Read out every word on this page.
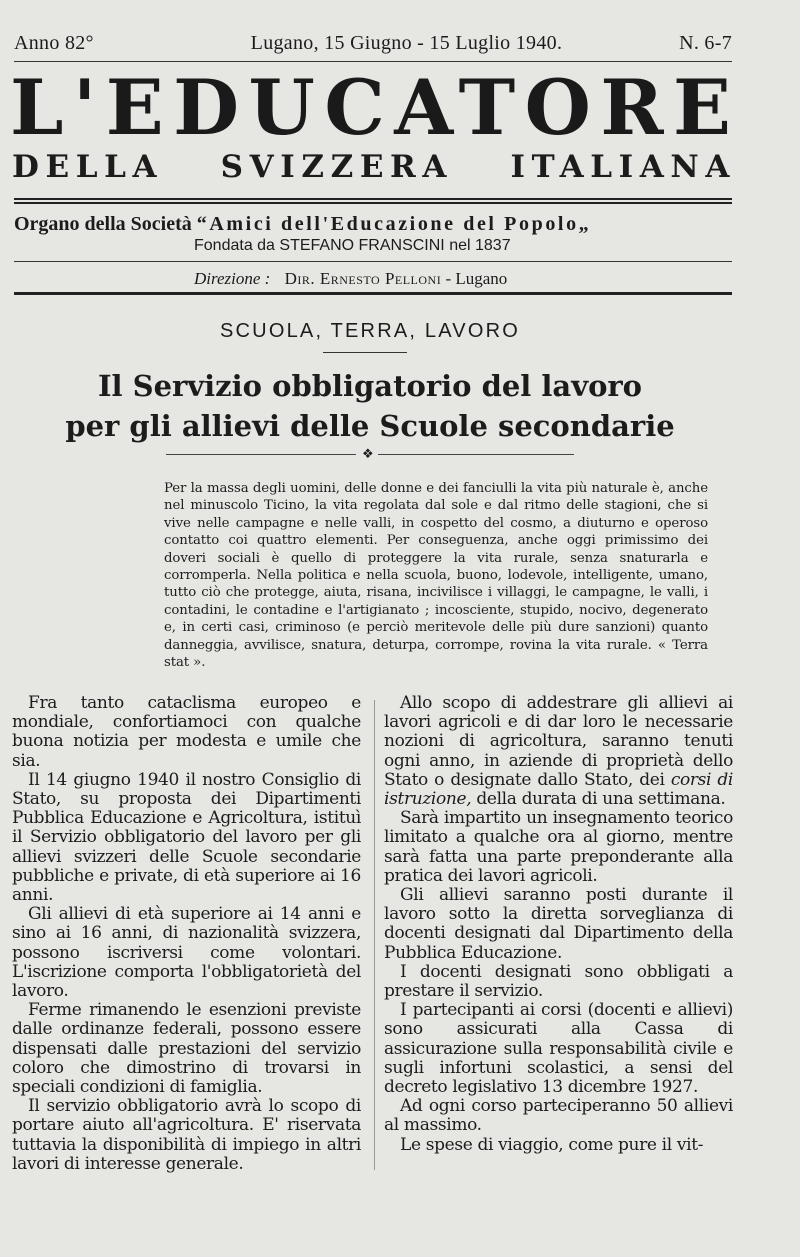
Anno 82°	Lugano, 15 Giugno - 15 Luglio 1940.	N. 6-7
L'EDUCATORE
DELLA SVIZZERA ITALIANA
Organo della Società “Amici dell'Educazione del Popolo„
Fondata da STEFANO FRANSCINI nel 1837
Direzione : Dir. Ernesto Pelloni - Lugano
SCUOLA, TERRA, LAVORO
Il Servizio obbligatorio del lavoro
per gli allievi delle Scuole secondarie
❖
Per la massa degli uomini, delle donne e dei fanciulli la vita più naturale è, anche nel minuscolo Ticino, la vita regolata dal sole e dal ritmo delle stagioni, che si vive nelle campagne e nelle valli, in cospetto del cosmo, a diuturno e operoso contatto coi quattro elementi. Per conseguenza, anche oggi primissimo dei doveri sociali è quello di proteggere la vita rurale, senza snaturarla e corromperla. Nella politica e nella scuola, buono, lodevole, intelligente, umano, tutto ciò che protegge, aiuta, risana, incivilisce i villaggi, le campagne, le valli, i contadini, le contadine e l'artigianato ; incosciente, stupido, nocivo, degenerato e, in certi casi, criminoso (e perciò meritevole delle più dure sanzioni) quanto danneggia, avvilisce, snatura, deturpa, corrompe, rovina la vita rurale. « Terra stat ».

Fra tanto cataclisma europeo e mondiale, confortiamoci con qualche buona notizia per modesta e umile che sia.

Il 14 giugno 1940 il nostro Consiglio di Stato, su proposta dei Dipartimenti Pubblica Educazione e Agricoltura, istituì il Servizio obbligatorio del lavoro per gli allievi svizzeri delle Scuole secondarie pubbliche e private, di età superiore ai 16 anni.

Gli allievi di età superiore ai 14 anni e sino ai 16 anni, di nazionalità svizzera, possono iscriversi come volontari. L'iscrizione comporta l'obbligatorietà del lavoro.

Ferme rimanendo le esenzioni previste dalle ordinanze federali, possono essere dispensati dalle prestazioni del servizio coloro che dimostrino di trovarsi in speciali condizioni di famiglia.

Il servizio obbligatorio avrà lo scopo di portare aiuto all'agricoltura. E' riservata tuttavia la disponibilità di impiego in altri lavori di interesse generale.

Allo scopo di addestrare gli allievi ai lavori agricoli e di dar loro le necessarie nozioni di agricoltura, saranno tenuti ogni anno, in aziende di proprietà dello Stato o designate dallo Stato, dei corsi di istruzione, della durata di una settimana.

Sarà impartito un insegnamento teorico limitato a qualche ora al giorno, mentre sarà fatta una parte preponderante alla pratica dei lavori agricoli.

Gli allievi saranno posti durante il lavoro sotto la diretta sorveglianza di docenti designati dal Dipartimento della Pubblica Educazione.

I docenti designati sono obbligati a prestare il servizio.

I partecipanti ai corsi (docenti e allievi) sono assicurati alla Cassa di assicurazione sulla responsabilità civile e sugli infortuni scolastici, a sensi del decreto legislativo 13 dicembre 1927.

Ad ogni corso parteciperanno 50 allievi al massimo.

Le spese di viaggio, come pure il vit-
